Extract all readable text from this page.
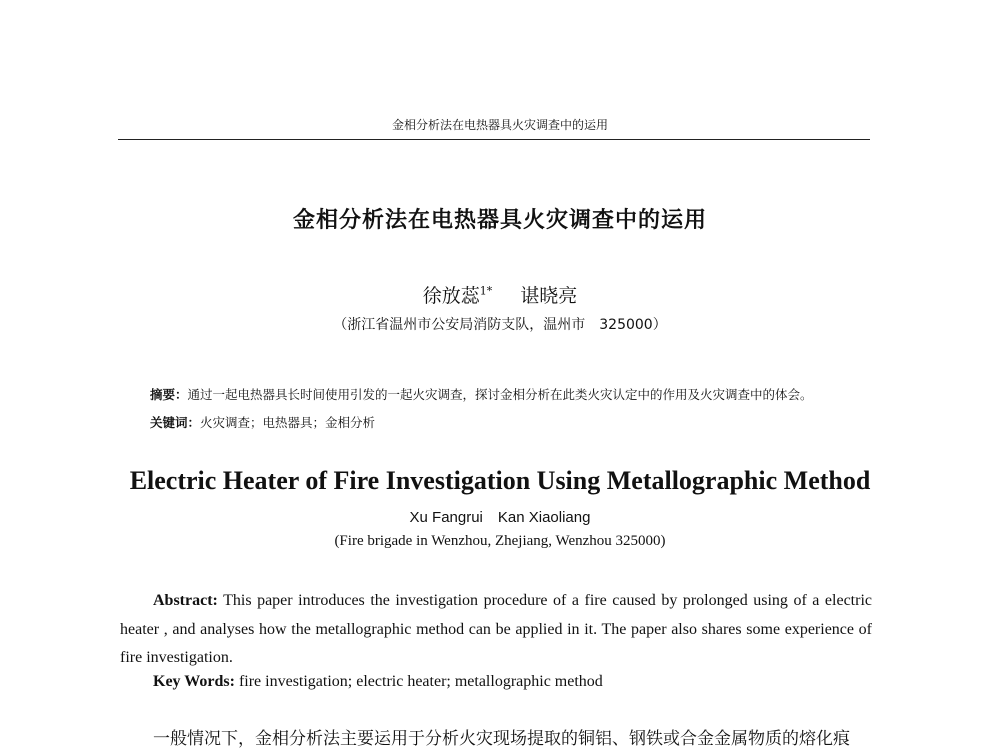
金相分析法在电热器具火灾调查中的运用
金相分析法在电热器具火灾调查中的运用
徐放蕊$^{1*}$ 谌晓亮
（浙江省温州市公安局消防支队，温州市　325000）
摘要：通过一起电热器具长时间使用引发的一起火灾调查，探讨金相分析在此类火灾认定中的作用及火灾调查中的体会。
关键词：火灾调查；电热器具；金相分析
Electric Heater of Fire Investigation Using Metallographic Method
Xu Fangrui　Kan Xiaoliang
(Fire brigade in Wenzhou, Zhejiang, Wenzhou 325000)
Abstract: This paper introduces the investigation procedure of a fire caused by prolonged using of a electric heater , and analyses how the metallographic method can be applied in it. The paper also shares some experience of fire investigation.
Key Words: fire investigation; electric heater; metallographic method
一般情况下，金相分析法主要运用于分析火灾现场提取的铜铝、钢铁或合金金属物质的熔化痕
